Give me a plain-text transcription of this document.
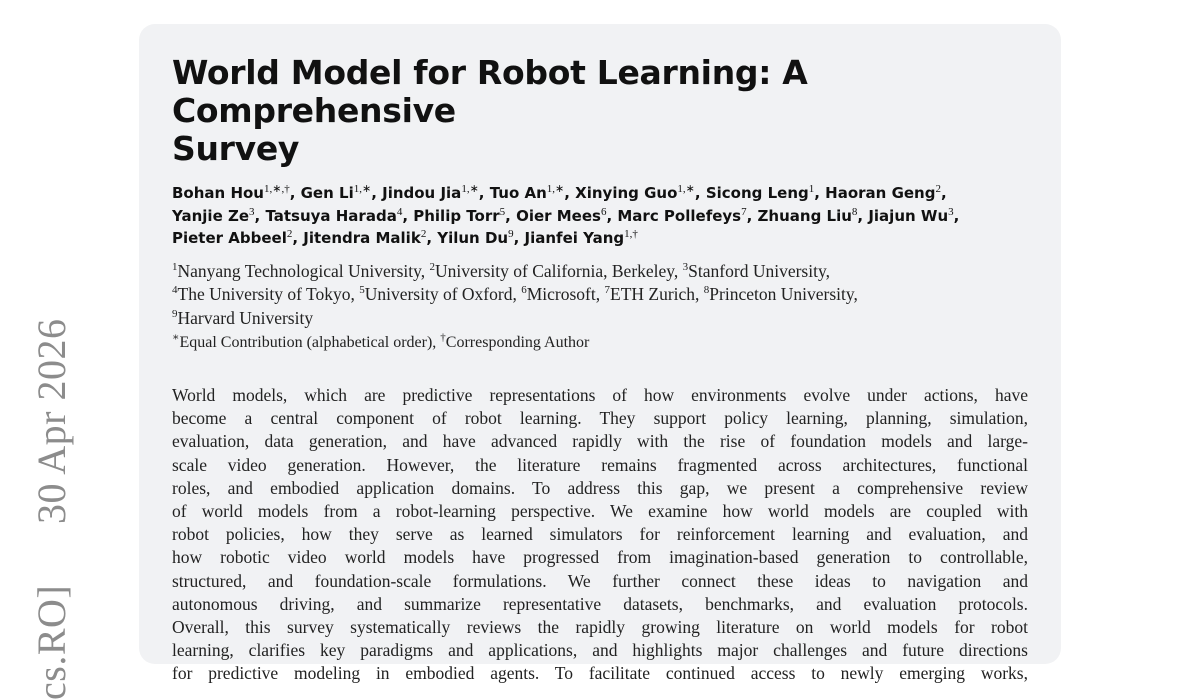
30 Apr 2026
cs.RO]
World Model for Robot Learning: A Comprehensive
Survey
Bohan Hou$^{1,∗,\dagger}$, Gen $Li^{1,∗}$, Jindou Jia$^{1,∗}$, Tuo $An^{1,∗}$, Xinying Guo$^{1,∗}$, Sicong Leng$^1$, Haoran Geng$^2$,
Yanjie Ze$^3$, Tatsuya Harada$^4$, Philip Torr$^5$, Oier Mees$^6$, Marc Pollefeys$^7$, Zhuang Liu$^8$, Jiajun Wu$^3$,
Pieter Abbeel$^2$, Jitendra Malik$^2$, Yilun Du$^9$, Jianfei Yang$^{1,\dagger}$
$^1$Nanyang Technological University, $^2$University of California, Berkeley, $^3$Stanford University,
$^4$The University of Tokyo, $^5$University of Oxford, $^6$Microsoft, $^7$ETH Zurich, $^8$Princeton University,
$^9$Harvard University
∗Equal Contribution (alphabetical order), †Corresponding Author
World models, which are predictive representations of how environments evolve under actions, have
become a central component of robot learning. They support policy learning, planning, simulation,
evaluation, data generation, and have advanced rapidly with the rise of foundation models and large-
scale video generation. However, the literature remains fragmented across architectures, functional
roles, and embodied application domains. To address this gap, we present a comprehensive review
of world models from a robot-learning perspective. We examine how world models are coupled with
robot policies, how they serve as learned simulators for reinforcement learning and evaluation, and
how robotic video world models have progressed from imagination-based generation to controllable,
structured, and foundation-scale formulations. We further connect these ideas to navigation and
autonomous driving, and summarize representative datasets, benchmarks, and evaluation protocols.
Overall, this survey systematically reviews the rapidly growing literature on world models for robot
learning, clarifies key paradigms and applications, and highlights major challenges and future directions
for predictive modeling in embodied agents. To facilitate continued access to newly emerging works,
